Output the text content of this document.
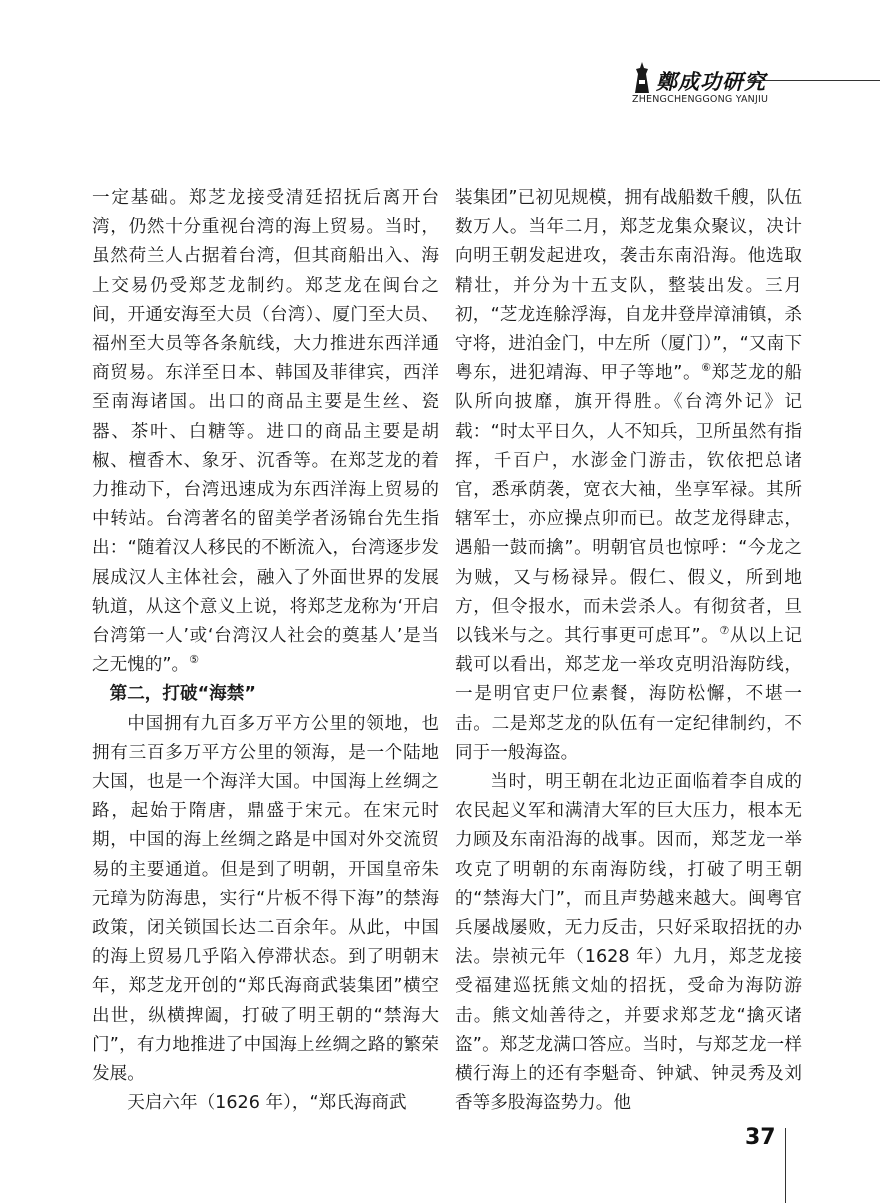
鄭成功研究
ZHENGCHENGGONG YANJIU

一定基础。郑芝龙接受清廷招抚后离开台湾，仍然十分重视台湾的海上贸易。当时，虽然荷兰人占据着台湾，但其商船出入、海上交易仍受郑芝龙制约。郑芝龙在闽台之间，开通安海至大员（台湾）、厦门至大员、福州至大员等各条航线，大力推进东西洋通商贸易。东洋至日本、韩国及菲律宾，西洋至南海诸国。出口的商品主要是生丝、瓷器、茶叶、白糖等。进口的商品主要是胡椒、檀香木、象牙、沉香等。在郑芝龙的着力推动下，台湾迅速成为东西洋海上贸易的中转站。台湾著名的留美学者汤锦台先生指出：“随着汉人移民的不断流入，台湾逐步发展成汉人主体社会，融入了外面世界的发展轨道，从这个意义上说，将郑芝龙称为‘开启台湾第一人’或‘台湾汉人社会的奠基人’是当之无愧的”。⑤

第二，打破“海禁”

中国拥有九百多万平方公里的领地，也拥有三百多万平方公里的领海，是一个陆地大国，也是一个海洋大国。中国海上丝绸之路，起始于隋唐，鼎盛于宋元。在宋元时期，中国的海上丝绸之路是中国对外交流贸易的主要通道。但是到了明朝，开国皇帝朱元璋为防海患，实行“片板不得下海”的禁海政策，闭关锁国长达二百余年。从此，中国的海上贸易几乎陷入停滞状态。到了明朝末年，郑芝龙开创的“郑氏海商武装集团”横空出世，纵横捭阖，打破了明王朝的“禁海大门”，有力地推进了中国海上丝绸之路的繁荣发展。

天启六年（1626 年），“郑氏海商武

装集团”已初见规模，拥有战船数千艘，队伍数万人。当年二月，郑芝龙集众聚议，决计向明王朝发起进攻，袭击东南沿海。他选取精壮，并分为十五支队，整装出发。三月初，“芝龙连艅浮海，自龙井登岸漳浦镇，杀守将，进泊金门，中左所（厦门）”，“又南下粤东，进犯靖海、甲子等地”。⑥郑芝龙的船队所向披靡，旗开得胜。《台湾外记》记载：“时太平日久，人不知兵，卫所虽然有指挥，千百户，水澎金门游击，钦依把总诸官，悉承荫袭，宽衣大袖，坐享军禄。其所辖军士，亦应操点卯而已。故芝龙得肆志，遇船一鼓而擒”。明朝官员也惊呼：“今龙之为贼，又与杨禄异。假仁、假义，所到地方，但令报水，而未尝杀人。有彻贫者，旦以钱米与之。其行事更可虑耳”。⑦从以上记载可以看出，郑芝龙一举攻克明沿海防线，一是明官吏尸位素餐，海防松懈，不堪一击。二是郑芝龙的队伍有一定纪律制约，不同于一般海盗。

当时，明王朝在北边正面临着李自成的农民起义军和满清大军的巨大压力，根本无力顾及东南沿海的战事。因而，郑芝龙一举攻克了明朝的东南海防线，打破了明王朝的“禁海大门”，而且声势越来越大。闽粤官兵屡战屡败，无力反击，只好采取招抚的办法。崇祯元年（1628 年）九月，郑芝龙接受福建巡抚熊文灿的招抚，受命为海防游击。熊文灿善待之，并要求郑芝龙“擒灭诸盗”。郑芝龙满口答应。当时，与郑芝龙一样横行海上的还有李魁奇、钟斌、钟灵秀及刘香等多股海盗势力。他

37
